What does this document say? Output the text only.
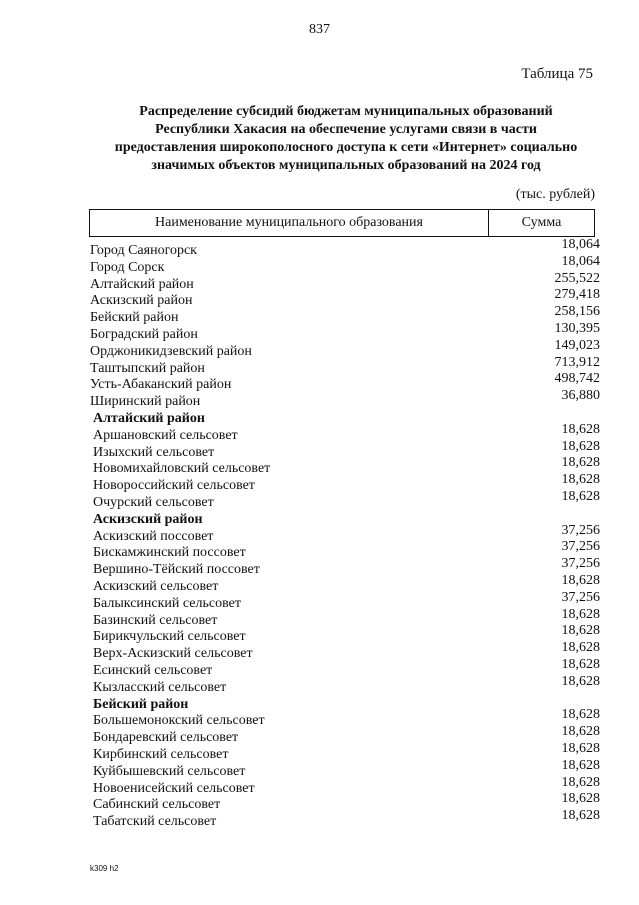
837
Таблица 75
Распределение субсидий бюджетам муниципальных образований
Республики Хакасия на обеспечение услугами связи в части
предоставления широкополосного доступа к сети «Интернет» социально
значимых объектов муниципальных образований на 2024 год
(тыс. рублей)
Наименование муниципального образования	Сумма
Город Саяногорск	18,064
Город Сорск	18,064
Алтайский район	255,522
Аскизский район	279,418
Бейский район	258,156
Боградский район	130,395
Орджоникидзевский район	149,023
Таштыпский район	713,912
Усть-Абаканский район	498,742
Ширинский район	36,880
Алтайский район
Аршановский сельсовет	18,628
Изыхский сельсовет	18,628
Новомихайловский сельсовет	18,628
Новороссийский сельсовет	18,628
Очурский сельсовет	18,628
Аскизский район
Аскизский поссовет	37,256
Бискамжинский поссовет	37,256
Вершино-Тёйский поссовет	37,256
Аскизский сельсовет	18,628
Балыксинский сельсовет	37,256
Базинский сельсовет	18,628
Бирикчульский сельсовет	18,628
Верх-Аскизский сельсовет	18,628
Есинский сельсовет	18,628
Кызласский сельсовет	18,628
Бейский район
Большемонокский сельсовет	18,628
Бондаревский сельсовет	18,628
Кирбинский сельсовет	18,628
Куйбышевский сельсовет	18,628
Новоенисейский сельсовет	18,628
Сабинский сельсовет	18,628
Табатский сельсовет	18,628
k309 h2
